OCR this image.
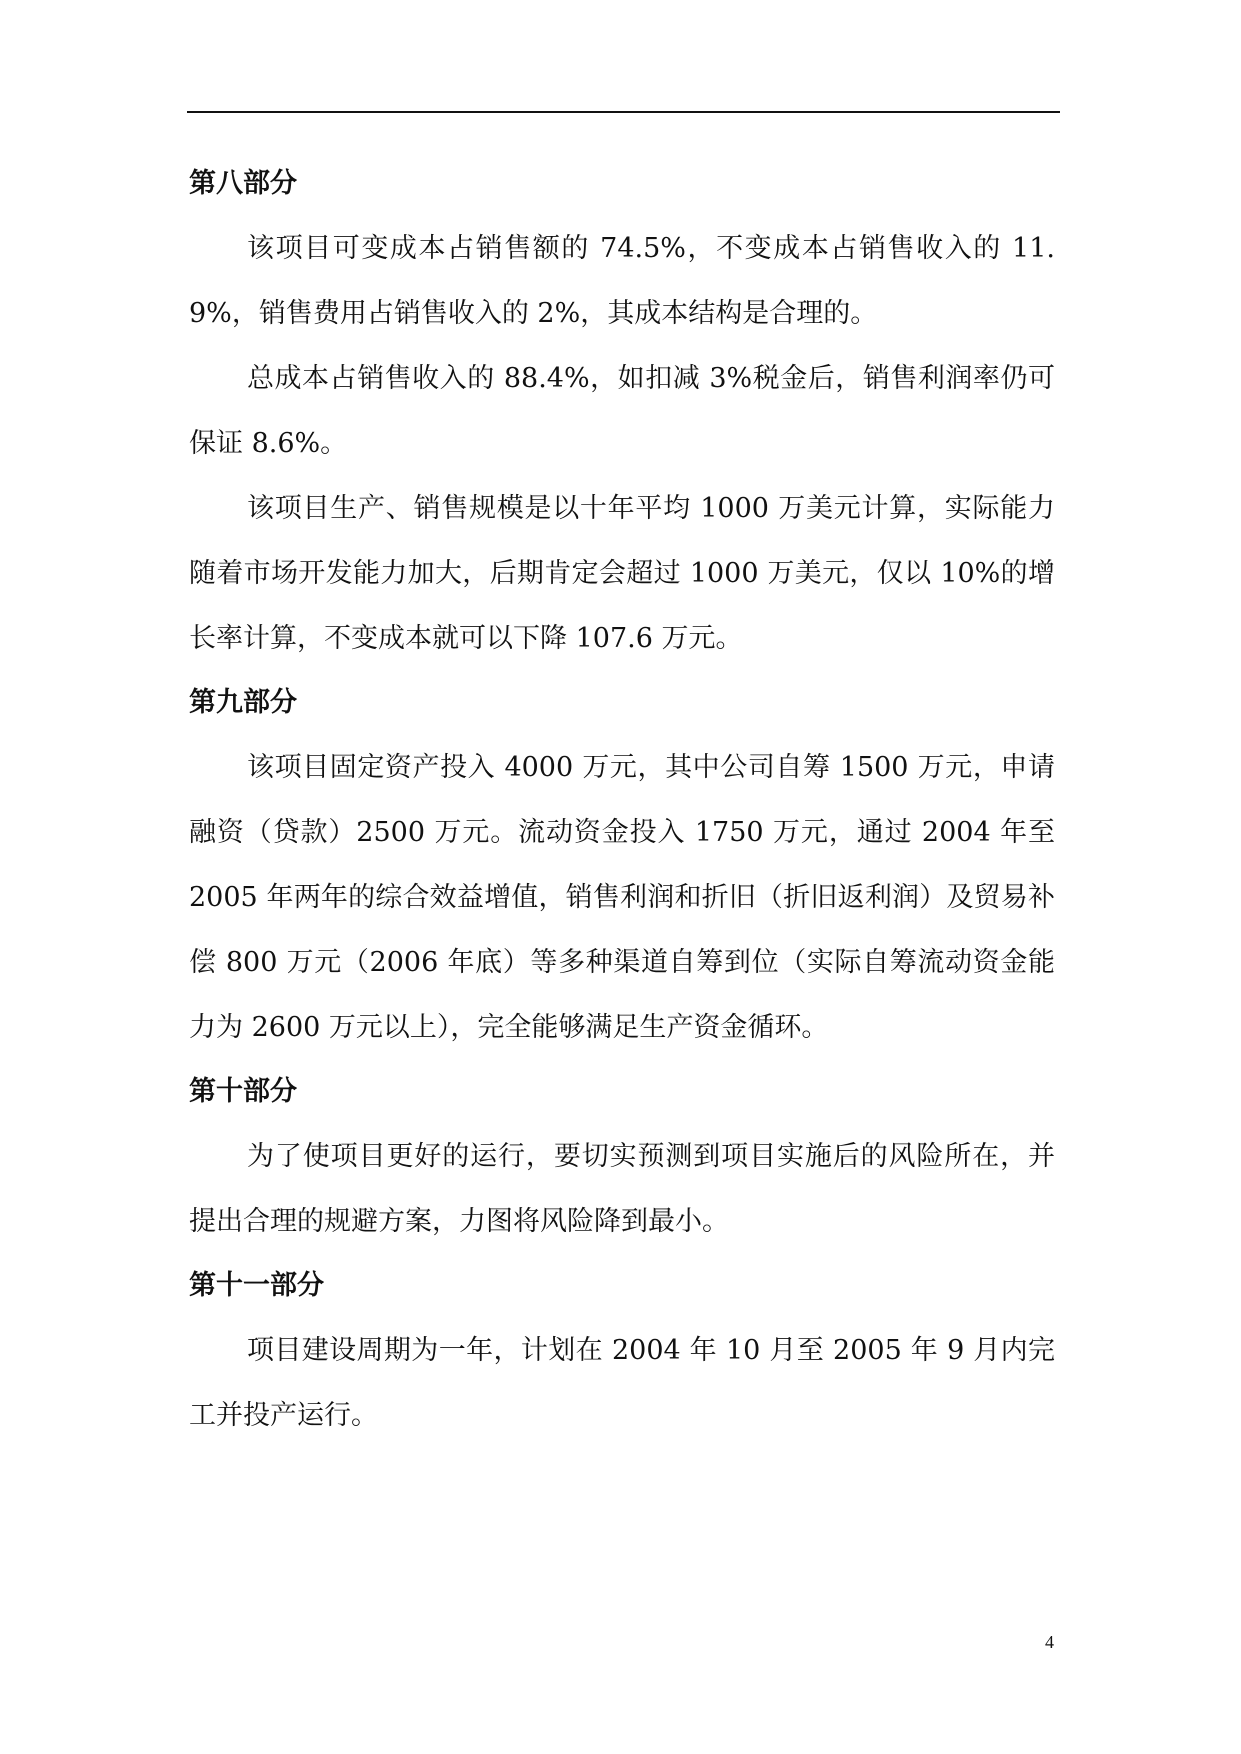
第八部分

该项目可变成本占销售额的 74.5%，不变成本占销售收入的 11.9%，销售费用占销售收入的 2%，其成本结构是合理的。

总成本占销售收入的 88.4%，如扣减 3%税金后，销售利润率仍可保证 8.6%。

该项目生产、销售规模是以十年平均 1000 万美元计算，实际能力随着市场开发能力加大，后期肯定会超过 1000 万美元，仅以 10%的增长率计算，不变成本就可以下降 107.6 万元。

第九部分

该项目固定资产投入 4000 万元，其中公司自筹 1500 万元，申请融资（贷款）2500 万元。流动资金投入 1750 万元，通过 2004 年至 2005 年两年的综合效益增值，销售利润和折旧（折旧返利润）及贸易补偿 800 万元（2006 年底）等多种渠道自筹到位（实际自筹流动资金能力为 2600 万元以上），完全能够满足生产资金循环。

第十部分

为了使项目更好的运行，要切实预测到项目实施后的风险所在，并提出合理的规避方案，力图将风险降到最小。

第十一部分

项目建设周期为一年，计划在 2004 年 10 月至 2005 年 9 月内完工并投产运行。

4
